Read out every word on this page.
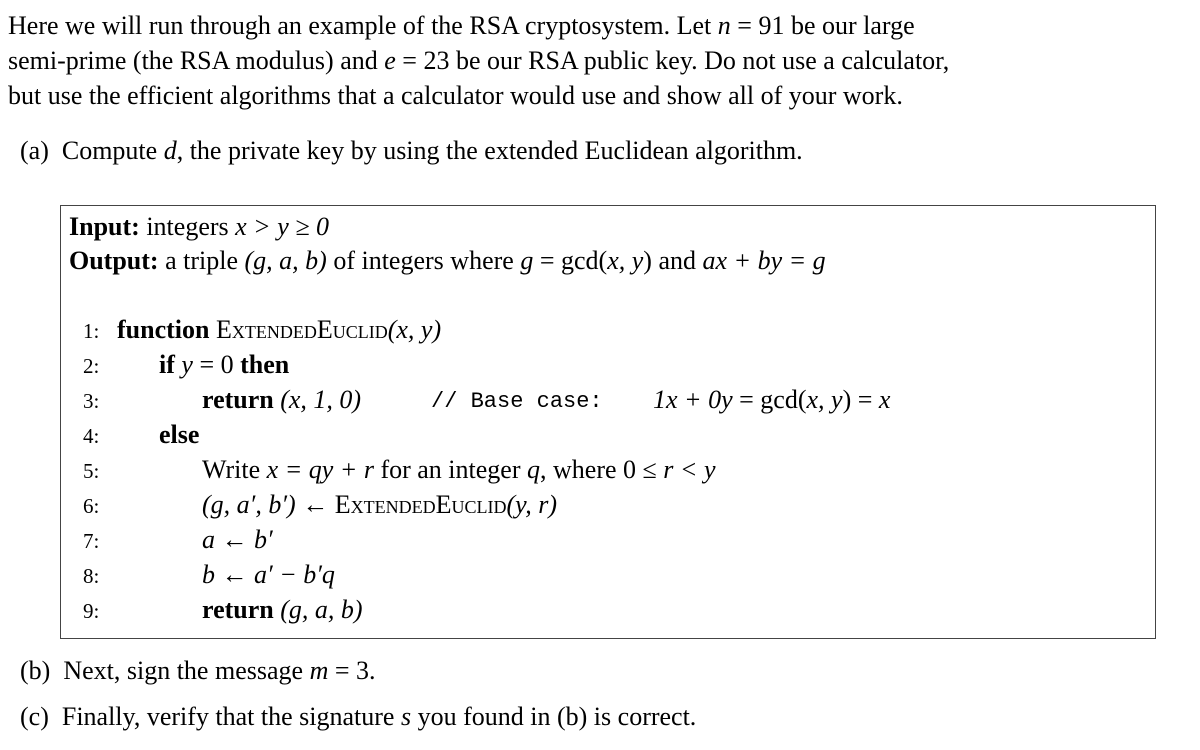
Here we will run through an example of the RSA cryptosystem. Let n = 91 be our large
semi-prime (the RSA modulus) and e = 23 be our RSA public key. Do not use a calculator,
but use the efficient algorithms that a calculator would use and show all of your work.
(a) Compute d, the private key by using the extended Euclidean algorithm.
Input: integers x > y ≥ 0
Output: a triple (g, a, b) of integers where g = gcd(x, y) and ax + by = g
1:
2:
3:
4:
5:
6:
7:
8:
9:
function ExtendedEuclid(x, y)
if y = 0 then
return (x, 1, 0)	// Base case: 1x + 0y = gcd(x, y) = x
else
Write x = qy + r for an integer q, where 0 ≤ r < y
(g, a′, b′) ← ExtendedEuclid(y, r)
a ← b′
b ← a′ − b′q
return (g, a, b)
(b) Next, sign the message m = 3.
(c) Finally, verify that the signature s you found in (b) is correct.
